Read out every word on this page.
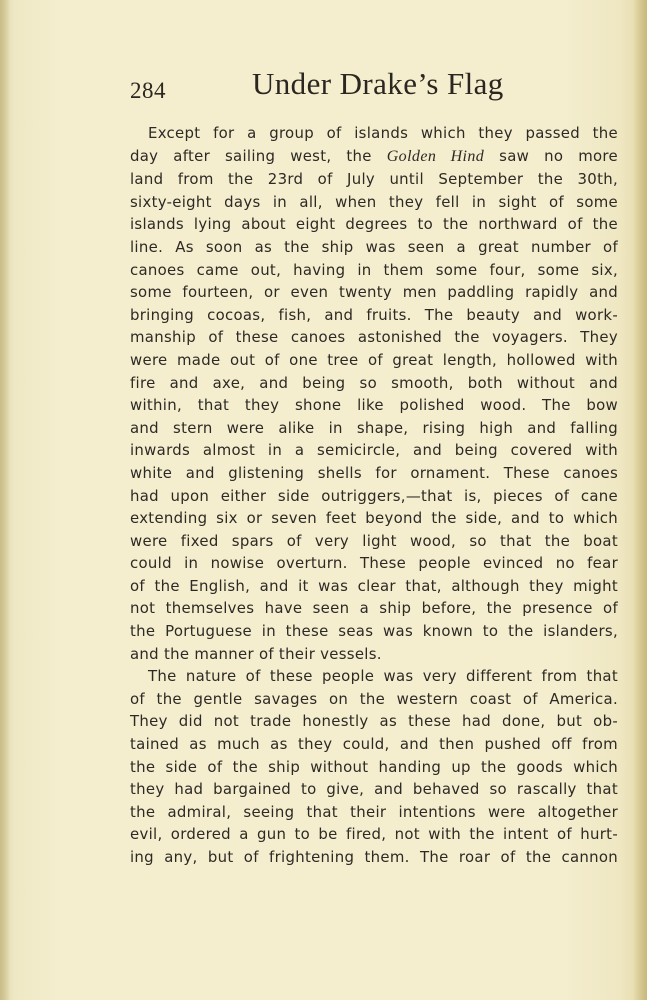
284	Under Drake’s Flag
Except for a group of islands which they passed the
day after sailing west, the Golden Hind saw no more
land from the 23rd of July until September the 30th,
sixty-eight days in all, when they fell in sight of some
islands lying about eight degrees to the northward of the
line. As soon as the ship was seen a great number of
canoes came out, having in them some four, some six,
some fourteen, or even twenty men paddling rapidly and
bringing cocoas, fish, and fruits. The beauty and work-
manship of these canoes astonished the voyagers. They
were made out of one tree of great length, hollowed with
fire and axe, and being so smooth, both without and
within, that they shone like polished wood. The bow
and stern were alike in shape, rising high and falling
inwards almost in a semicircle, and being covered with
white and glistening shells for ornament. These canoes
had upon either side outriggers,—that is, pieces of cane
extending six or seven feet beyond the side, and to which
were fixed spars of very light wood, so that the boat
could in nowise overturn. These people evinced no fear
of the English, and it was clear that, although they might
not themselves have seen a ship before, the presence of
the Portuguese in these seas was known to the islanders,
and the manner of their vessels.
The nature of these people was very different from that
of the gentle savages on the western coast of America.
They did not trade honestly as these had done, but ob-
tained as much as they could, and then pushed off from
the side of the ship without handing up the goods which
they had bargained to give, and behaved so rascally that
the admiral, seeing that their intentions were altogether
evil, ordered a gun to be fired, not with the intent of hurt-
ing any, but of frightening them. The roar of the cannon
